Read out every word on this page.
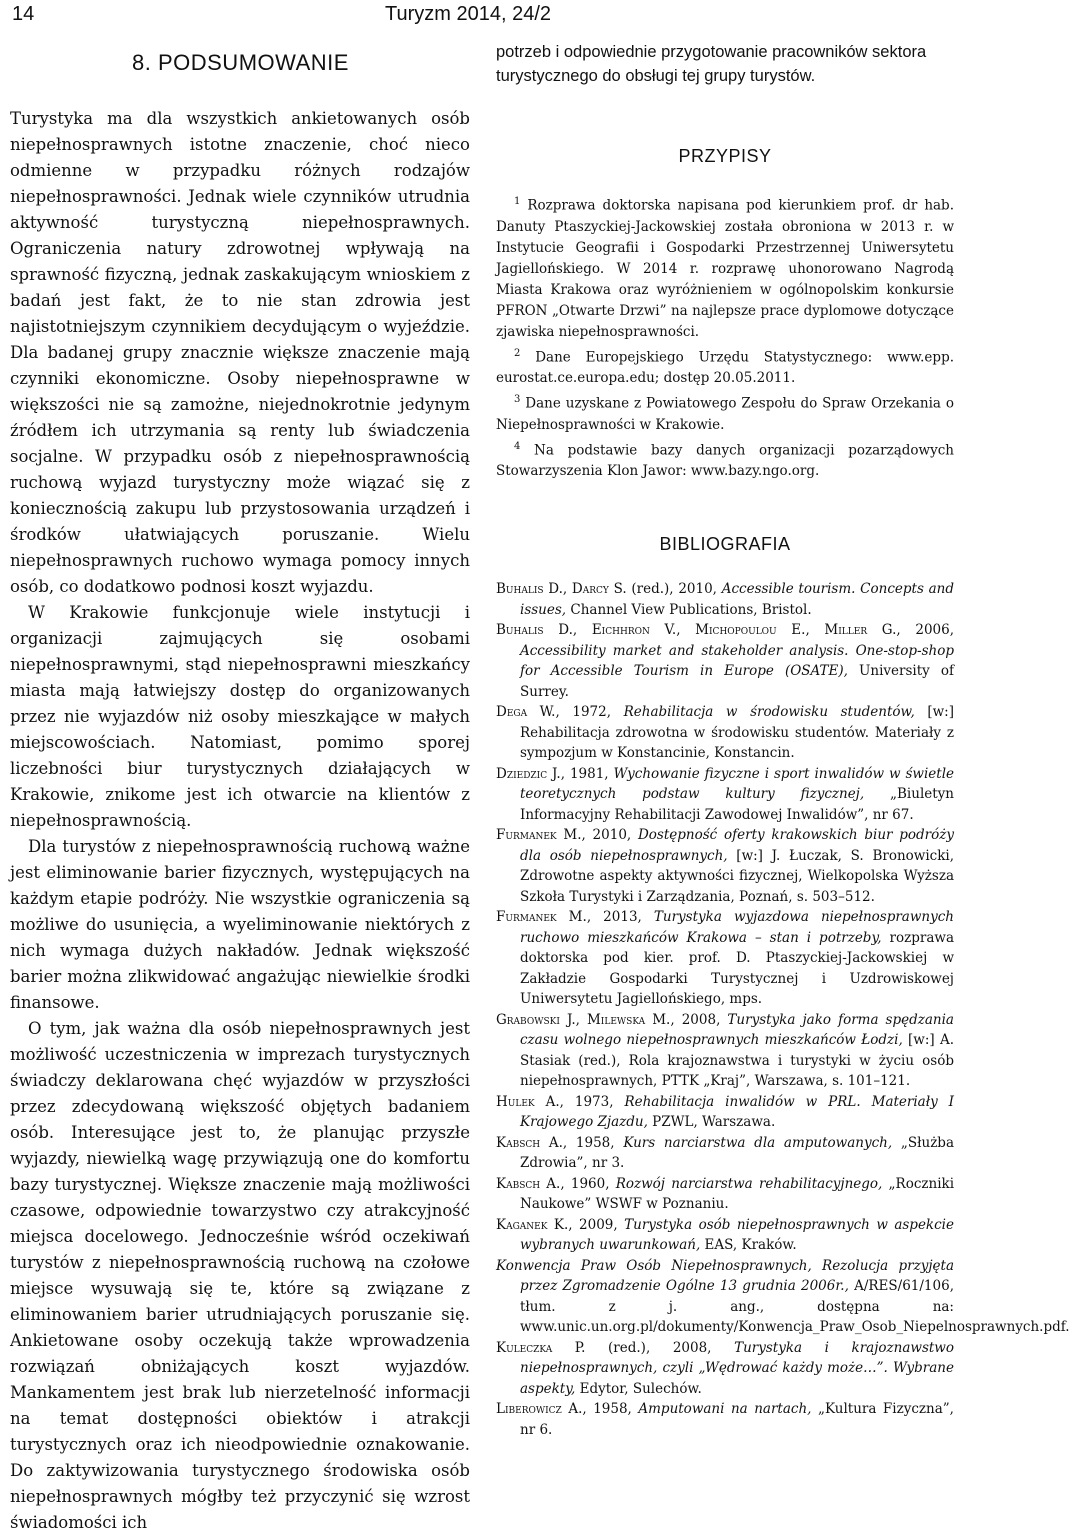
14	Turyzm 2014, 24/2
8. PODSUMOWANIE

Turystyka ma dla wszystkich ankietowanych osób niepełnosprawnych istotne znaczenie, choć nieco odmienne w przypadku różnych rodzajów niepełnosprawności. Jednak wiele czynników utrudnia aktywność turystyczną niepełnosprawnych. Ograniczenia natury zdrowotnej wpływają na sprawność fizyczną, jednak zaskakującym wnioskiem z badań jest fakt, że to nie stan zdrowia jest najistotniejszym czynnikiem decydującym o wyjeździe. Dla badanej grupy znacznie większe znaczenie mają czynniki ekonomiczne. Osoby niepełnosprawne w większości nie są zamożne, niejednokrotnie jedynym źródłem ich utrzymania są renty lub świadczenia socjalne. W przypadku osób z niepełnosprawnością ruchową wyjazd turystyczny może wiązać się z koniecznością zakupu lub przystosowania urządzeń i środków ułatwiających poruszanie. Wielu niepełnosprawnych ruchowo wymaga pomocy innych osób, co dodatkowo podnosi koszt wyjazdu.

W Krakowie funkcjonuje wiele instytucji i organizacji zajmujących się osobami niepełnosprawnymi, stąd niepełnosprawni mieszkańcy miasta mają łatwiejszy dostęp do organizowanych przez nie wyjazdów niż osoby mieszkające w małych miejscowościach. Natomiast, pomimo sporej liczebności biur turystycznych działających w Krakowie, znikome jest ich otwarcie na klientów z niepełnosprawnością.

Dla turystów z niepełnosprawnością ruchową ważne jest eliminowanie barier fizycznych, występujących na każdym etapie podróży. Nie wszystkie ograniczenia są możliwe do usunięcia, a wyeliminowanie niektórych z nich wymaga dużych nakładów. Jednak większość barier można zlikwidować angażując niewielkie środki finansowe.

O tym, jak ważna dla osób niepełnosprawnych jest możliwość uczestniczenia w imprezach turystycznych świadczy deklarowana chęć wyjazdów w przyszłości przez zdecydowaną większość objętych badaniem osób. Interesujące jest to, że planując przyszłe wyjazdy, niewielką wagę przywiązują one do komfortu bazy turystycznej. Większe znaczenie mają możliwości czasowe, odpowiednie towarzystwo czy atrakcyjność miejsca docelowego. Jednocześnie wśród oczekiwań turystów z niepełnosprawnością ruchową na czołowe miejsce wysuwają się te, które są związane z eliminowaniem barier utrudniających poruszanie się. Ankietowane osoby oczekują także wprowadzenia rozwiązań obniżających koszt wyjazdów. Mankamentem jest brak lub nierzetelność informacji na temat dostępności obiektów i atrakcji turystycznych oraz ich nieodpowiednie oznakowanie. Do zaktywizowania turystycznego środowiska osób niepełnosprawnych mógłby też przyczynić się wzrost świadomości ich

potrzeb i odpowiednie przygotowanie pracowników sektora turystycznego do obsługi tej grupy turystów.

PRZYPISY
$^1$ Rozprawa doktorska napisana pod kierunkiem prof. dr hab. Danuty Ptaszyckiej-Jackowskiej została obroniona w 2013 r. w Instytucie Geografii i Gospodarki Przestrzennej Uniwersytetu Jagiellońskiego. W 2014 r. rozprawę uhonorowano Nagrodą Miasta Krakowa oraz wyróżnieniem w ogólnopolskim konkursie PFRON „Otwarte Drzwi” na najlepsze prace dyplomowe dotyczące zjawiska niepełnosprawności.
$^2$ Dane Europejskiego Urzędu Statystycznego: www.epp. eurostat.ce.europa.edu; dostęp 20.05.2011.
$^3$ Dane uzyskane z Powiatowego Zespołu do Spraw Orzekania o Niepełnosprawności w Krakowie.
$^4$ Na podstawie bazy danych organizacji pozarządowych Stowarzyszenia Klon Jawor: www.bazy.ngo.org.
BIBLIOGRAFIA
Buhalis D., Darcy S. (red.), 2010, Accessible tourism. Concepts and issues, Channel View Publications, Bristol.
Buhalis D., Eichhron V., Michopoulou E., Miller G., 2006, Accessibility market and stakeholder analysis. One-stop-shop for Accessible Tourism in Europe (OSATE), University of Surrey.
Dega W., 1972, Rehabilitacja w środowisku studentów, [w:] Rehabilitacja zdrowotna w środowisku studentów. Materiały z sympozjum w Konstancinie, Konstancin.
Dziedzic J., 1981, Wychowanie fizyczne i sport inwalidów w świetle teoretycznych podstaw kultury fizycznej, „Biuletyn Informacyjny Rehabilitacji Zawodowej Inwalidów”, nr 67.
Furmanek M., 2010, Dostępność oferty krakowskich biur podróży dla osób niepełnosprawnych, [w:] J. Łuczak, S. Bronowicki, Zdrowotne aspekty aktywności fizycznej, Wielkopolska Wyższa Szkoła Turystyki i Zarządzania, Poznań, s. 503–512.
Furmanek M., 2013, Turystyka wyjazdowa niepełnosprawnych ruchowo mieszkańców Krakowa – stan i potrzeby, rozprawa doktorska pod kier. prof. D. Ptaszyckiej-Jackowskiej w Zakładzie Gospodarki Turystycznej i Uzdrowiskowej Uniwersytetu Jagiellońskiego, mps.
Grabowski J., Milewska M., 2008, Turystyka jako forma spędzania czasu wolnego niepełnosprawnych mieszkańców Łodzi, [w:] A. Stasiak (red.), Rola krajoznawstwa i turystyki w życiu osób niepełnosprawnych, PTTK „Kraj”, Warszawa, s. 101–121.
Hulek A., 1973, Rehabilitacja inwalidów w PRL. Materiały I Krajowego Zjazdu, PZWL, Warszawa.
Kabsch A., 1958, Kurs narciarstwa dla amputowanych, „Służba Zdrowia”, nr 3.
Kabsch A., 1960, Rozwój narciarstwa rehabilitacyjnego, „Roczniki Naukowe” WSWF w Poznaniu.
Kaganek K., 2009, Turystyka osób niepełnosprawnych w aspekcie wybranych uwarunkowań, EAS, Kraków.
Konwencja Praw Osób Niepełnosprawnych, Rezolucja przyjęta przez Zgromadzenie Ogólne 13 grudnia 2006r., A/RES/61/106, tłum. z j. ang., dostępna na: www.unic.un.org.pl/dokumenty/Konwencja_Praw_Osob_Niepelnosprawnych.pdf.
Kuleczka P. (red.), 2008, Turystyka i krajoznawstwo niepełnosprawnych, czyli „Wędrować każdy może…”. Wybrane aspekty, Edytor, Sulechów.
Liberowicz A., 1958, Amputowani na nartach, „Kultura Fizyczna”, nr 6.
